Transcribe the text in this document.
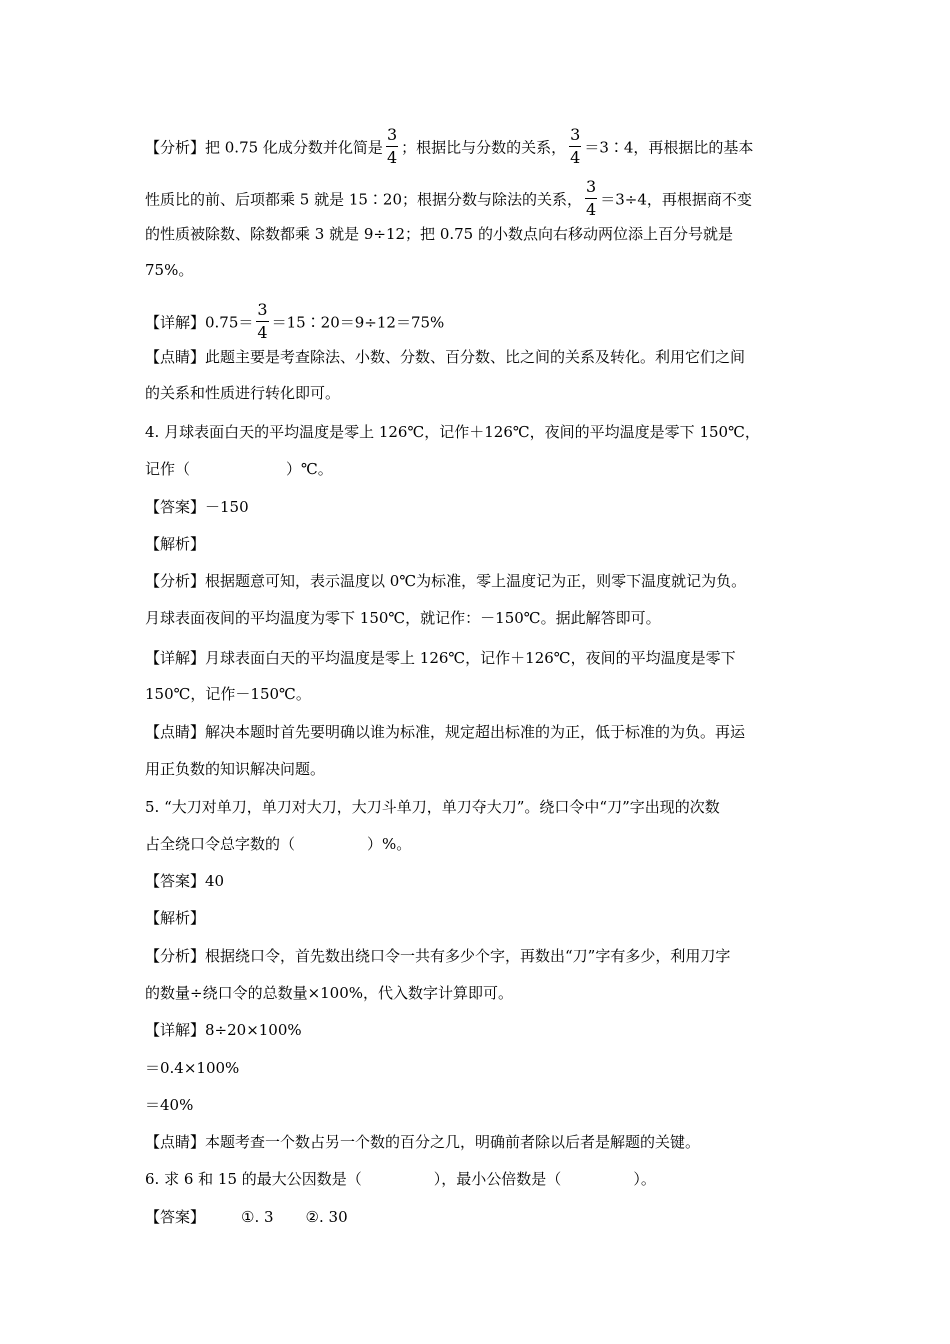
【分析】把 0.75 化成分数并化简是 $\frac{3}{4}$ ；根据比与分数的关系， $\frac{3}{4}$ ＝3∶4，再根据比的基本
性质比的前、后项都乘 5 就是 15∶20；根据分数与除法的关系， $\frac{3}{4} =3\div 4$，再根据商不变
的性质被除数、除数都乘 3 就是 9÷12；把 0.75 的小数点向右移动两位添上百分号就是
75%。
【详解】$0.75= \frac{3}{4}$ ＝15∶20＝9÷12＝75%
【点睛】此题主要是考查除法、小数、分数、百分数、比之间的关系及转化。利用它们之间
的关系和性质进行转化即可。
4. 月球表面白天的平均温度是零上 126℃，记作＋126℃，夜间的平均温度是零下 150℃，
记作（	）℃。
【答案】－150
【解析】
【分析】根据题意可知，表示温度以 0℃为标准，零上温度记为正，则零下温度就记为负。
月球表面夜间的平均温度为零下 150℃，就记作：－150℃。据此解答即可。
【详解】月球表面白天的平均温度是零上 126℃，记作＋126℃，夜间的平均温度是零下
150℃，记作－150℃。
【点睛】解决本题时首先要明确以谁为标准，规定超出标准的为正，低于标准的为负。再运
用正负数的知识解决问题。
5. “大刀对单刀，单刀对大刀，大刀斗单刀，单刀夺大刀”。绕口令中“刀”字出现的次数
占全绕口令总字数的（	）%。
【答案】40
【解析】
【分析】根据绕口令，首先数出绕口令一共有多少个字，再数出“刀”字有多少，利用刀字
的数量÷绕口令的总数量×100%，代入数字计算即可。
【详解】8÷20×100%
＝0.4×100%
＝40%
【点睛】本题考查一个数占另一个数的百分之几，明确前者除以后者是解题的关键。
6. 求 6 和 15 的最大公因数是（	），最小公倍数是（	）。
【答案】 ①. 3 ②. 30
